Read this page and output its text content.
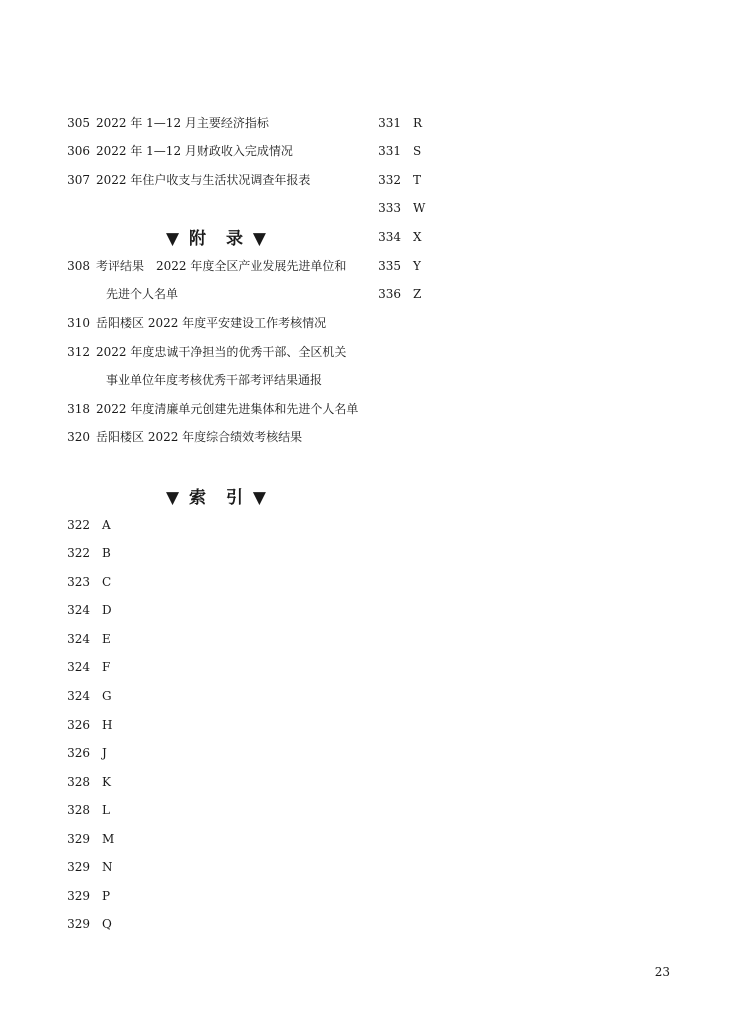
305 2022 年 1—12 月主要经济指标
306 2022 年 1—12 月财政收入完成情况
307 2022 年住户收支与生活状况调查年报表
▼ 附 录 ▼
308 考评结果　2022 年度全区产业发展先进单位和
先进个人名单
310 岳阳楼区 2022 年度平安建设工作考核情况
312 2022 年度忠诚干净担当的优秀干部、全区机关
事业单位年度考核优秀干部考评结果通报
318 2022 年度清廉单元创建先进集体和先进个人名单
320 岳阳楼区 2022 年度综合绩效考核结果
▼ 索 引 ▼
322 A
322 B
323 C
324 D
324 E
324 F
324 G
326 H
326 J
328 K
328 L
329 M
329 N
329 P
329 Q
331 R
331 S
332 T
333 W
334 X
335 Y
336 Z
23
